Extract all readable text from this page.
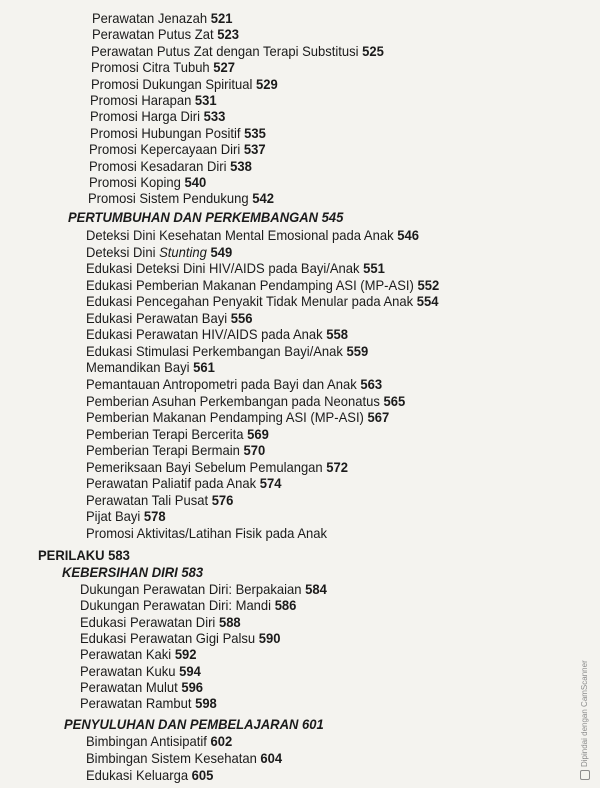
PERTUMBUHAN DAN PERKEMBANGAN 545
PERILAKU 583
KEBERSIHAN DIRI 583
PENYULUHAN DAN PEMBELAJARAN 601	Dipindai dengan CamScanner
Perawatan Jenazah 521
Perawatan Putus Zat 523
Perawatan Putus Zat dengan Terapi Substitusi 525
Promosi Citra Tubuh 527
Promosi Dukungan Spiritual 529
Promosi Harapan 531
Promosi Harga Diri 533
Promosi Hubungan Positif 535
Promosi Kepercayaan Diri 537
Promosi Kesadaran Diri 538
Promosi Koping 540
Promosi Sistem Pendukung 542
Deteksi Dini Kesehatan Mental Emosional pada Anak 546
Deteksi Dini Stunting 549
Edukasi Deteksi Dini HIV/AIDS pada Bayi/Anak 551
Edukasi Pemberian Makanan Pendamping ASI (MP-ASI) 552
Edukasi Pencegahan Penyakit Tidak Menular pada Anak 554
Edukasi Perawatan Bayi 556
Edukasi Perawatan HIV/AIDS pada Anak 558
Edukasi Stimulasi Perkembangan Bayi/Anak 559
Memandikan Bayi 561
Pemantauan Antropometri pada Bayi dan Anak 563
Pemberian Asuhan Perkembangan pada Neonatus 565
Pemberian Makanan Pendamping ASI (MP-ASI) 567
Pemberian Terapi Bercerita 569
Pemberian Terapi Bermain 570
Pemeriksaan Bayi Sebelum Pemulangan 572
Perawatan Paliatif pada Anak 574
Perawatan Tali Pusat 576
Pijat Bayi 578
Promosi Aktivitas/Latihan Fisik pada Anak
Dukungan Perawatan Diri: Berpakaian 584
Dukungan Perawatan Diri: Mandi 586
Edukasi Perawatan Diri 588
Edukasi Perawatan Gigi Palsu 590
Perawatan Kaki 592
Perawatan Kuku 594
Perawatan Mulut 596
Perawatan Rambut 598
Bimbingan Antisipatif 602
Bimbingan Sistem Kesehatan 604
Edukasi Keluarga 605
